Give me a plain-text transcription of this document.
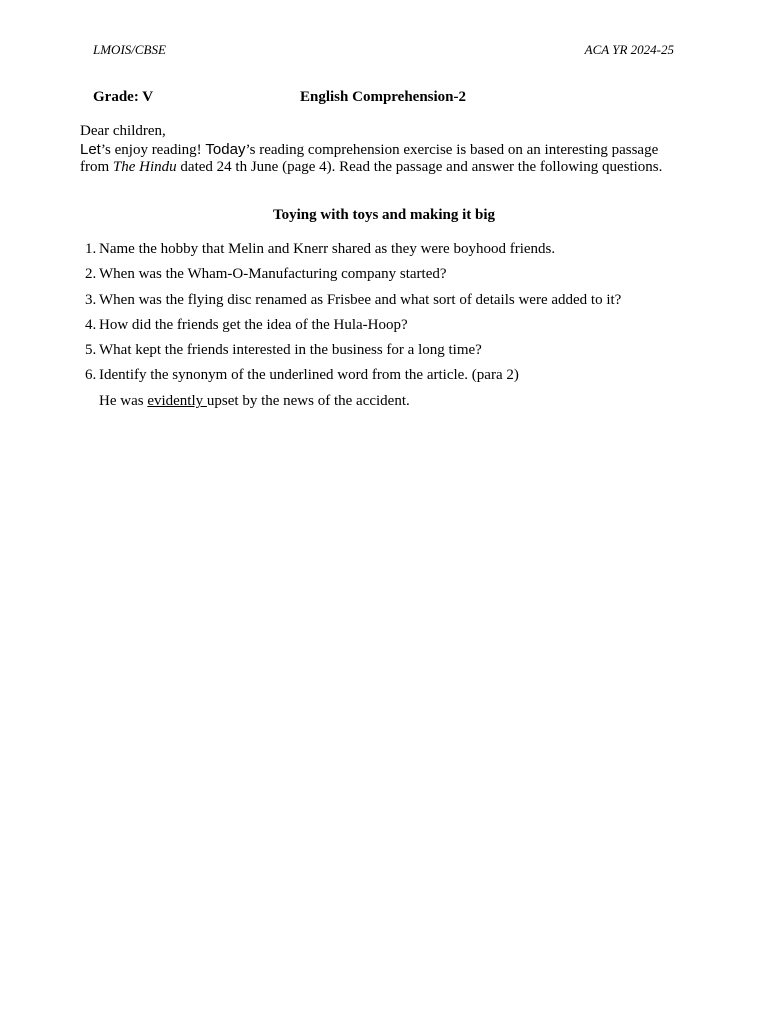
LMOIS/CBSE	ACA YR 2024-25
Grade: V	English Comprehension-2

Dear children,

Let’s enjoy reading! Today’s reading comprehension exercise is based on an interesting passage from The Hindu dated 24 th June (page 4). Read the passage and answer the following questions.

Toying with toys and making it big
1. Name the hobby that Melin and Knerr shared as they were boyhood friends.
2. When was the Wham-O-Manufacturing company started?
3. When was the flying disc renamed as Frisbee and what sort of details were added to it?
4. How did the friends get the idea of the Hula-Hoop?
5. What kept the friends interested in the business for a long time?
6. Identify the synonym of the underlined word from the article. (para 2)
He was evidently upset by the news of the accident.
